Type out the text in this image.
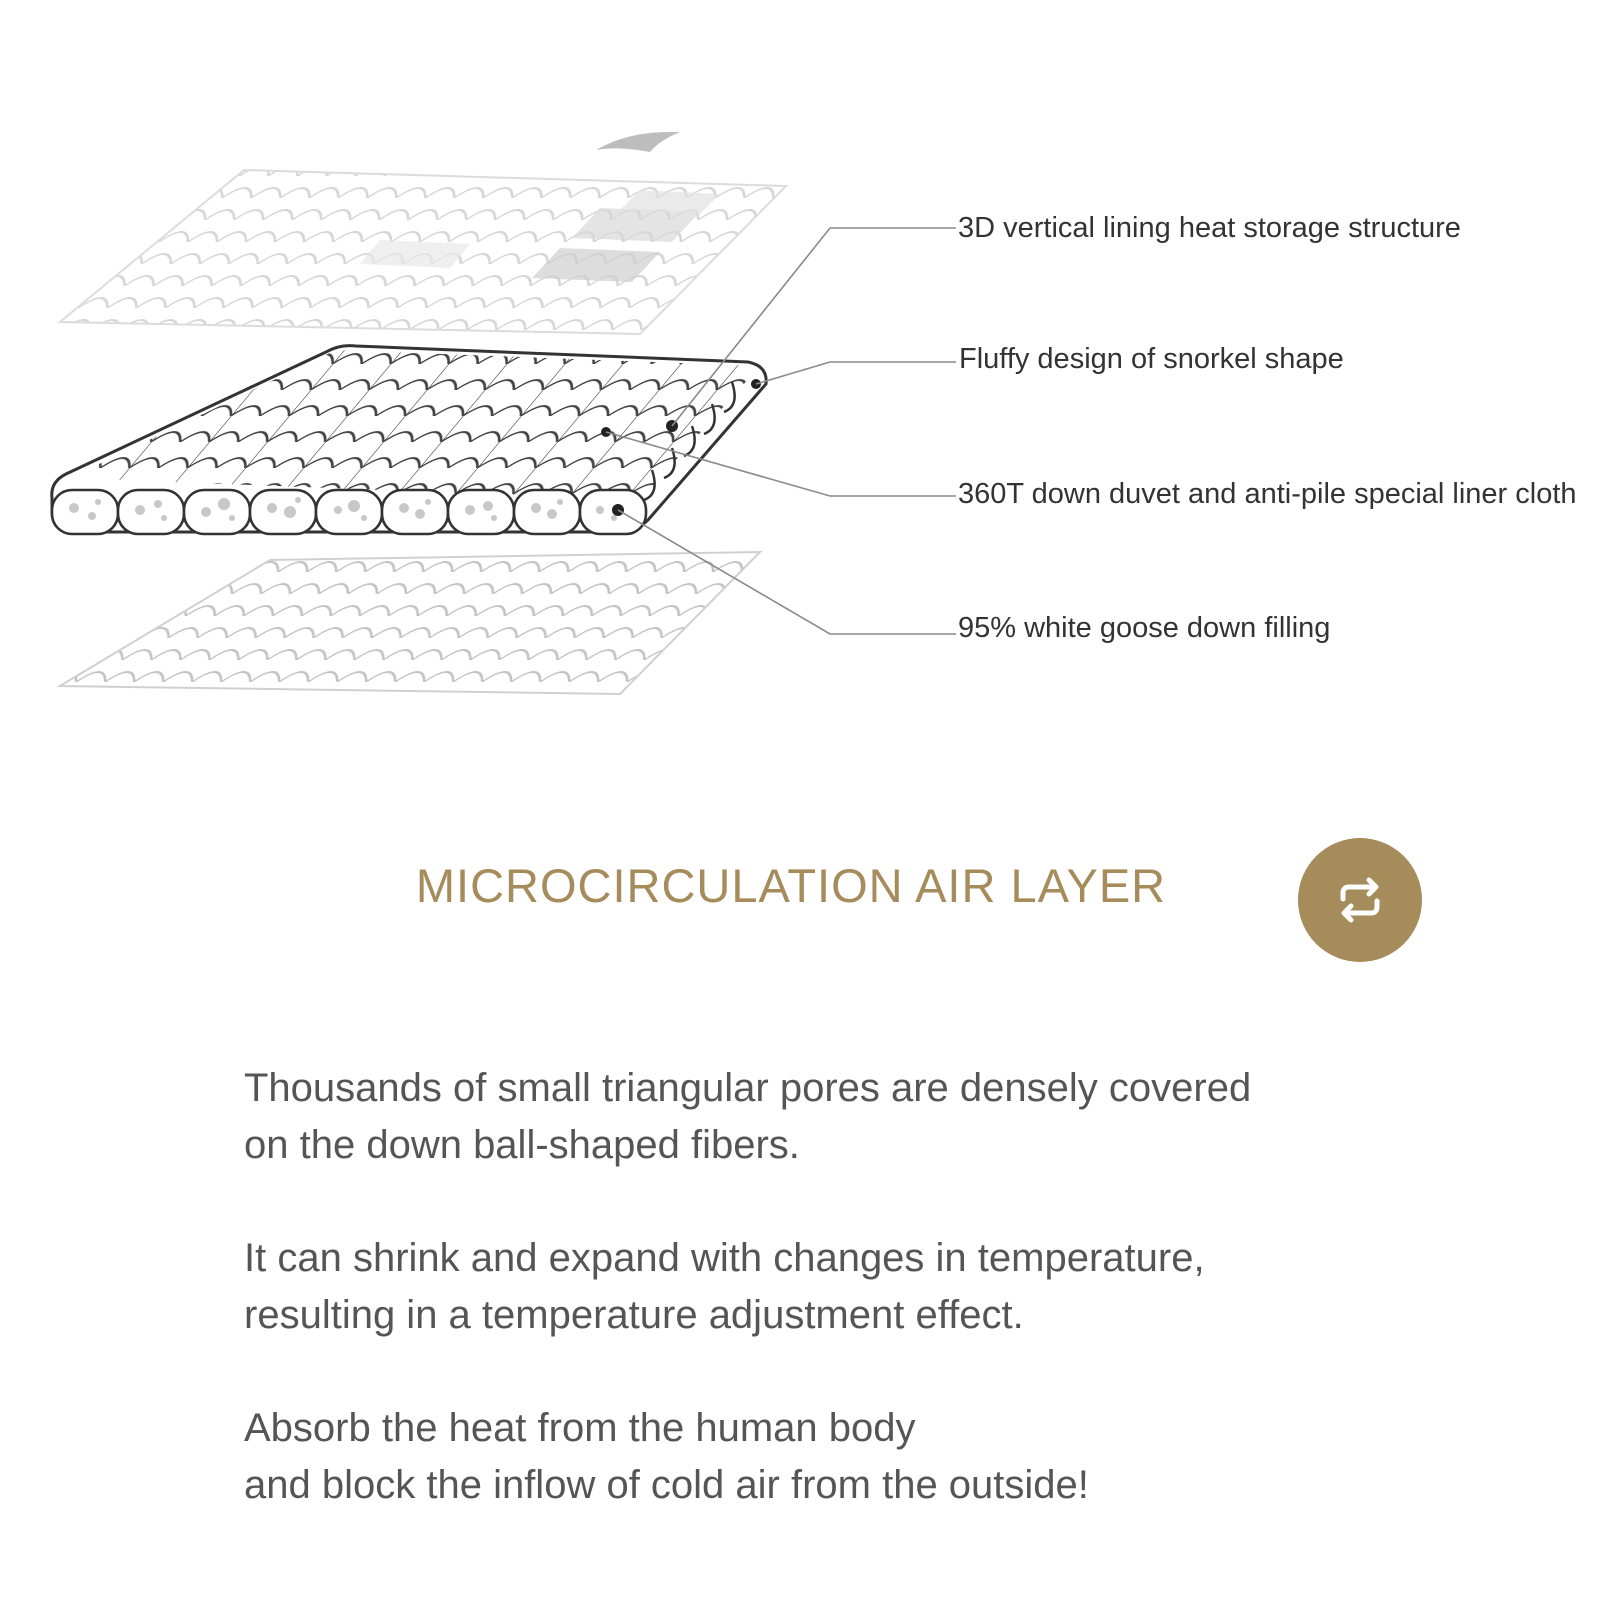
3D vertical lining heat storage structure
Fluffy design of snorkel shape
360T down duvet and anti-pile special liner cloth
95% white goose down filling
MICROCIRCULATION AIR LAYER

Thousands of small triangular pores are densely covered
on the down ball-shaped fibers.

It can shrink and expand with changes in temperature,
resulting in a temperature adjustment effect.

Absorb the heat from the human body
and block the inflow of cold air from the outside!
